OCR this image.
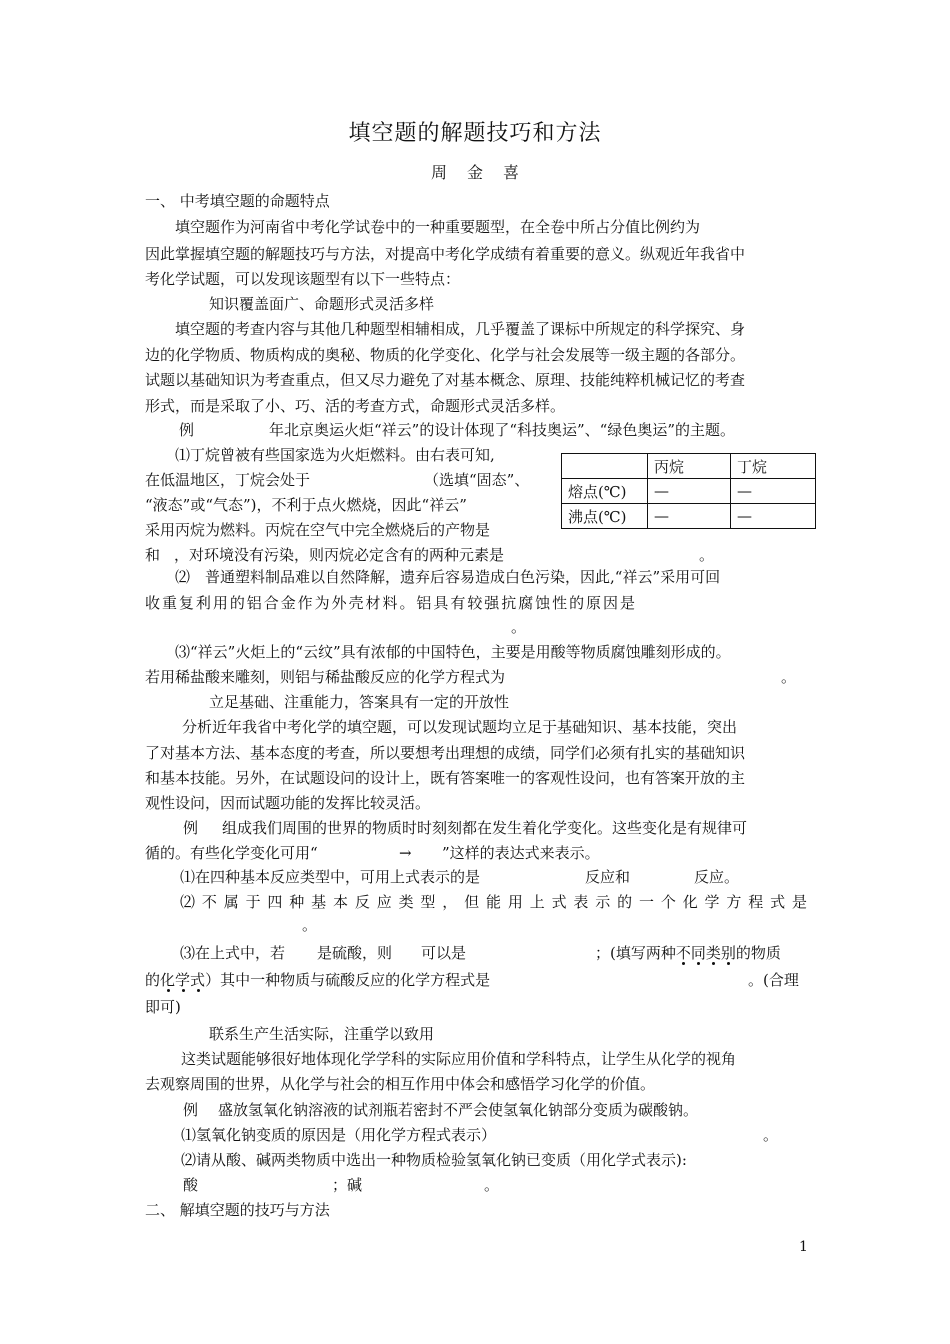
填空题的解题技巧和方法
周 金 喜
一、 中考填空题的命题特点
填空题作为河南省中考化学试卷中的一种重要题型，在全卷中所占分值比例约为
因此掌握填空题的解题技巧与方法，对提高中考化学成绩有着重要的意义。纵观近年我省中
考化学试题，可以发现该题型有以下一些特点：
知识覆盖面广、命题形式灵活多样
填空题的考查内容与其他几种题型相辅相成，几乎覆盖了课标中所规定的科学探究、身
边的化学物质、物质构成的奥秘、物质的化学变化、化学与社会发展等一级主题的各部分。
试题以基础知识为考查重点，但又尽力避免了对基本概念、原理、技能纯粹机械记忆的考查
形式，而是采取了小、巧、活的考查方式，命题形式灵活多样。
例	年北京奥运火炬“祥云”的设计体现了“科技奥运”、“绿色奥运”的主题。
⑴丁烷曾被有些国家选为火炬燃料。由右表可知,
在低温地区，丁烷会处于	（选填“固态”、
“液态”或“气态”)，不利于点火燃烧，因此“祥云”
采用丙烷为燃料。丙烷在空气中完全燃烧后的产物是
和 ，对环境没有污染，则丙烷必定含有的两种元素是	。
	丙烷	丁烷
熔点(℃)	—	—
沸点(℃)	—	—
⑵　普通塑料制品难以自然降解，遗弃后容易造成白色污染，因此,“祥云”采用可回
收重复利用的铝合金作为外壳材料。铝具有较强抗腐蚀性的原因是
。
⑶“祥云”火炬上的“云纹”具有浓郁的中国特色，主要是用酸等物质腐蚀雕刻形成的。
若用稀盐酸来雕刻，则铝与稀盐酸反应的化学方程式为	。
立足基础、注重能力，答案具有一定的开放性
分析近年我省中考化学的填空题，可以发现试题均立足于基础知识、基本技能，突出
了对基本方法、基本态度的考查，所以要想考出理想的成绩，同学们必须有扎实的基础知识
和基本技能。另外，在试题设问的设计上，既有答案唯一的客观性设问，也有答案开放的主
观性设问，因而试题功能的发挥比较灵活。
例	组成我们周围的世界的物质时时刻刻都在发生着化学变化。这些变化是有规律可
循的。有些化学变化可用“	→	”这样的表达式来表示。
⑴在四种基本反应类型中，可用上式表示的是	反应和	反应。
⑵不属于四种基本反应类型，但能用上式表示的一个化学方程式是
。
⑶在上式中，若	是硫酸，则	可以是	；(填写两种不同类别的物质
的化学式）其中一种物质与硫酸反应的化学方程式是	。(合理
即可)
联系生产生活实际，注重学以致用
这类试题能够很好地体现化学学科的实际应用价值和学科特点，让学生从化学的视角
去观察周围的世界，从化学与社会的相互作用中体会和感悟学习化学的价值。
例	盛放氢氧化钠溶液的试剂瓶若密封不严会使氢氧化钠部分变质为碳酸钠。
⑴氢氧化钠变质的原因是（用化学方程式表示）	。
⑵请从酸、碱两类物质中选出一种物质检验氢氧化钠已变质（用化学式表示):
酸	；碱	。
二、 解填空题的技巧与方法
1
